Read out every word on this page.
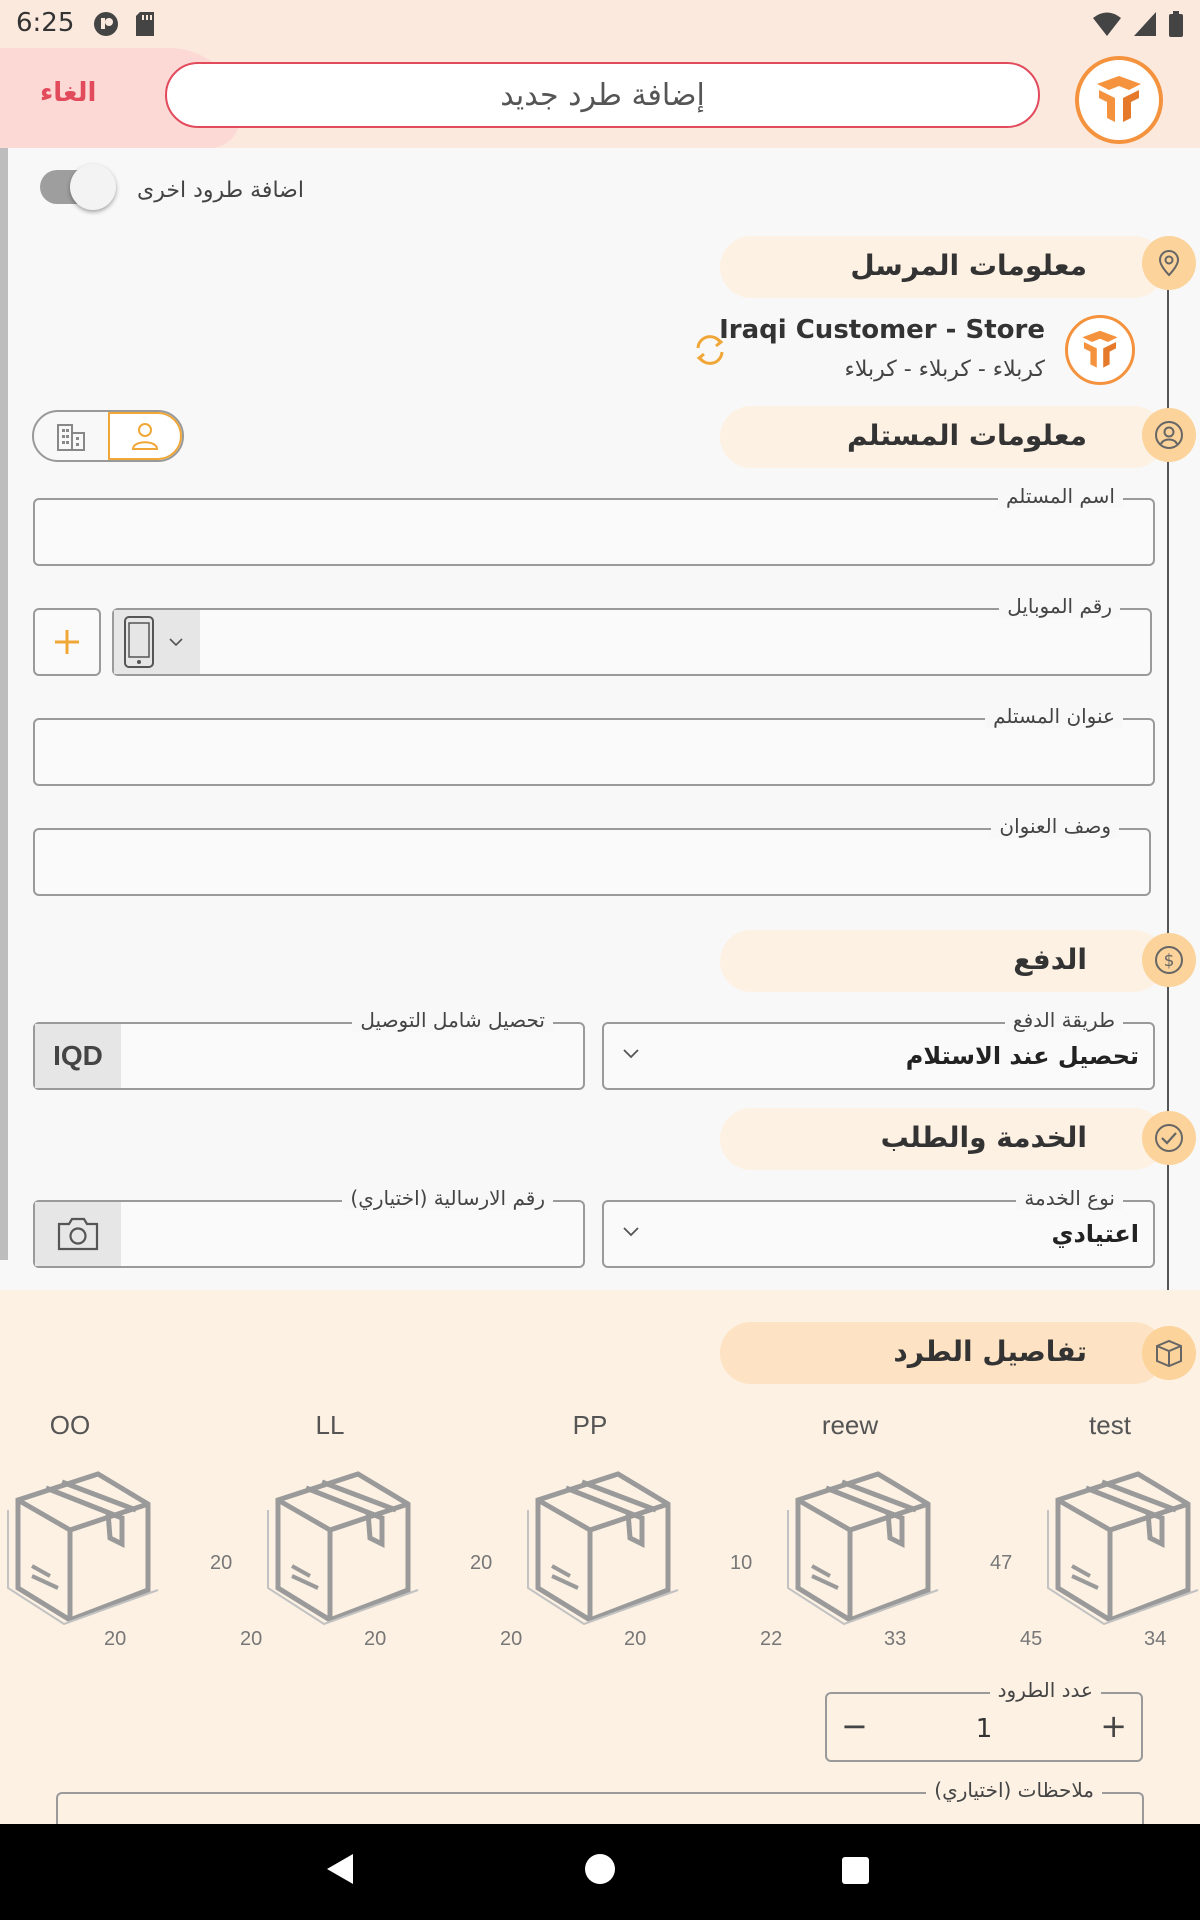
6:25
الغاء	إضافة طرد جديد
اضافة طرود اخرى
معلومات المرسل
Iraqi Customer - Store
كربلاء - كربلاء - كربلاء
معلومات المستلم
اسم المستلم
رقم الموبايل
عنوان المستلم
وصف العنوان
الدفع	$
IQD
تحصيل شامل التوصيل	طريقة الدفع
تحصيل عند الاستلام
الخدمة والطلب
رقم الارسالية (اختياري)	نوع الخدمة
اعتيادي
تفاصيل الطرد
test
47
45	34
reew
10
22	33
PP
20
20	20
LL
20
20	20
OO
20
عدد الطرود
−	1	+
ملاحظات (اختياري)
